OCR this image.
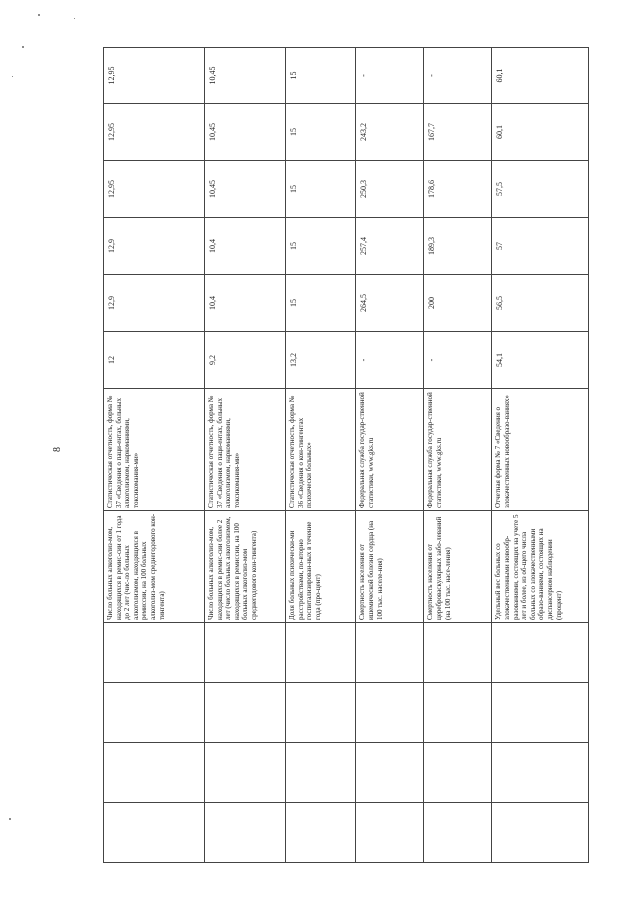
8
				Число больных алкоголиз-мом, находящихся в ремис-сии от 1 года до 2 лет (чис-ло больных алкоголизмом, находящихся в ремиссии, на 100 больных алкоголиз-мом среднегодового кон-тингента)	Статистическая отчетность, форма № 37 «Сведения о паци-ентах, больных алкоголизмом, наркоманиями, токсикомания-ми»	12	12,9	12,9	12,95	12,95	12,95
				Число больных алкоголиз-мом, находящихся в ремис-сии более 2 лет (число больных алкоголизмом, находящихся в ремиссии, на 100 больных алкоголиз-мом среднегодового кон-тингента)	Статистическая отчетность, форма № 37 «Сведения о паци-ентах, больных алкоголизмом, наркоманиями, токсикомания-ми»	9,2	10,4	10,4	10,45	10,45	10,45
				Доля больных психически-ми расстройствами, по-вторно госпитализирован-ных в течение года (про-цент)	Статистическая отчетность, форма № 36 «Сведения о кон-тингентах психически больных»	13,2	15	15	15	15	15
				Смертность населения от ишемической болезни сердца (на 100 тыс. населе-ния)	Федеральная служба государ-ственной статистики, www.gks.ru	-	264,5	257,4	250,3	243,2	-
				Смертность населения от цереброваскулярных забо-леваний (на 100 тыс. насе-ления)	Федеральная служба государ-ственной статистики, www.gks.ru	-	200	189,3	178,6	167,7	-
				Удельный вес больных со злокачественными новообр-разованиями, состоящих на учете 5 лет и более, из об-щего числа больных со злокачественными образо-ваниями, состоящих на диспансерном наблюдении (процент)	Отчетная форма № 7 «Сведения о злокачественных новообразо-ваниях»	54,1	56,5	57	57,5	60,1	60,1
